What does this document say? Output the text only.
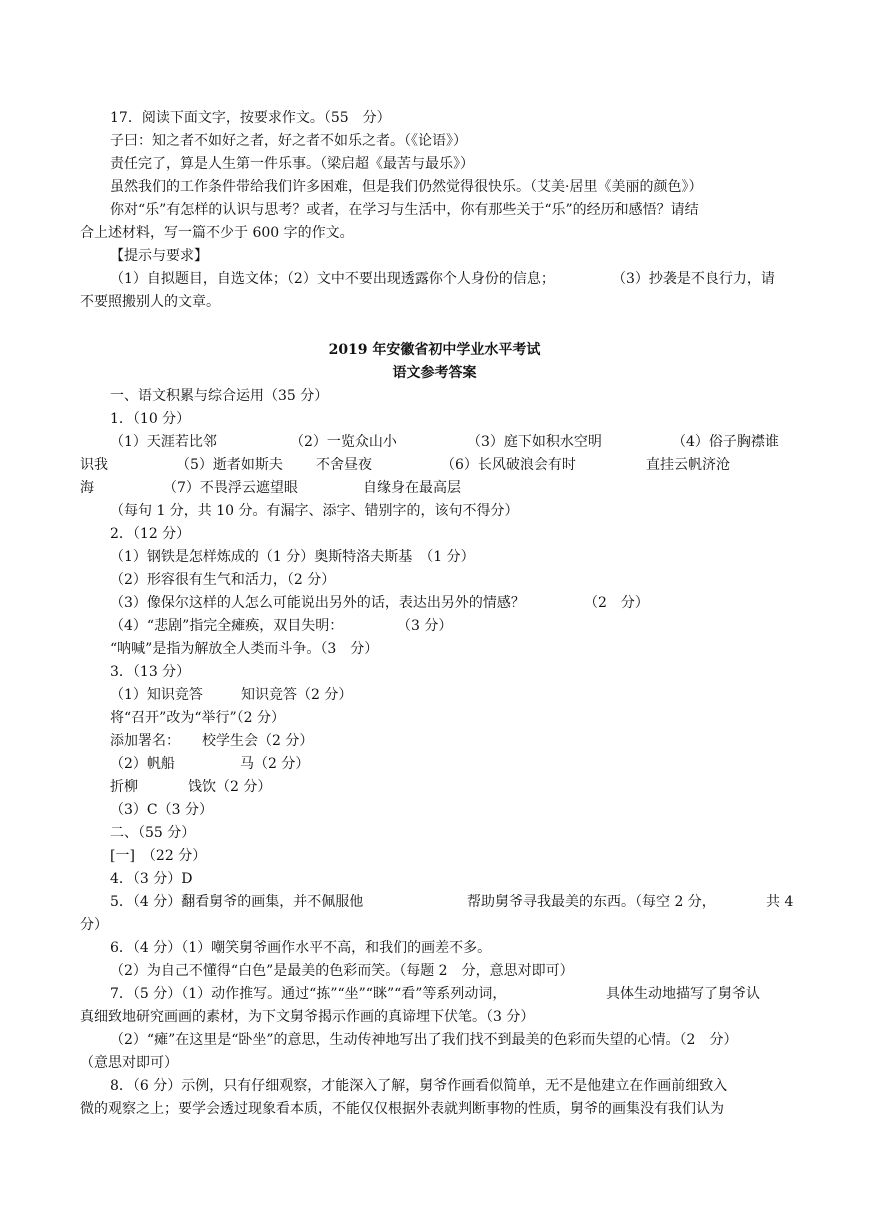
17．阅读下面文字，按要求作文。（55　分）
子曰：知之者不如好之者，好之者不如乐之者。（《论语》）
责任完了，算是人生第一件乐事。（梁启超《最苦与最乐》）
虽然我们的工作条件带给我们许多困难，但是我们仍然觉得很快乐。（艾美·居里《美丽的颜色》）
你对“乐”有怎样的认识与思考？或者，在学习与生活中，你有那些关于“乐”的经历和感悟？请结
合上述材料，写一篇不少于 600 字的作文。
【提示与要求】
（1）自拟题目，自选文体；（2）文中不要出现透露你个人身份的信息；	（3）抄袭是不良行力，请
不要照搬别人的文章。
2019 年安徽省初中学业水平考试
语文参考答案
一、语文积累与综合运用（35 分）
1．（10 分）
（1）天涯若比邻	（2）一览众山小	（3）庭下如积水空明	（4）俗子胸襟谁
识我	（5）逝者如斯夫 不舍昼夜	（6）长风破浪会有时	直挂云帆济沧
海	（7）不畏浮云遮望眼	自缘身在最高层
（每句 1 分，共 10 分。有漏字、添字、错别字的，该句不得分）
2．（12 分）
（1）钢铁是怎样炼成的（1 分）奥斯特洛夫斯基　（1 分）
（2）形容很有生气和活力，（2 分）
（3）像保尔这样的人怎么可能说出另外的话，表达出另外的情感？	（2　分）
（4）“悲剧”指完全瘫痪，双目失明：	（3 分）
“呐喊”是指为解放全人类而斗争。（3　分）
3．（13 分）
（1）知识竞答	知识竞答（2 分）
将“召开”改为“举行”（2 分）
添加署名： 校学生会（2 分）
（2）帆船	马（2 分）
折柳	饯饮（2 分）
（3）C（3 分）
二、（55 分）
[一]　（22 分）
4．（3 分）D
5．（4 分）翻看舅爷的画集，并不佩服他	帮助舅爷寻我最美的东西。（每空 2 分，	共 4
分）
6．（4 分）（1）嘲笑舅爷画作水平不高，和我们的画差不多。
（2）为自己不懂得“白色”是最美的色彩而笑。（每题 2　分，意思对即可）
7．（5 分）（1）动作推写。通过“拣”“坐”“眯”“看”等系列动词，	具体生动地描写了舅爷认
真细致地研究画画的素材，为下文舅爷揭示作画的真谛埋下伏笔。（3 分）
（2）“瘫”在这里是“卧坐”的意思，生动传神地写出了我们找不到最美的色彩而失望的心情。（2　分）
（意思对即可）
8．（6 分）示例，只有仔细观察，才能深入了解，舅爷作画看似简单，无不是他建立在作画前细致入
微的观察之上；要学会透过现象看本质，不能仅仅根据外表就判断事物的性质，舅爷的画集没有我们认为
